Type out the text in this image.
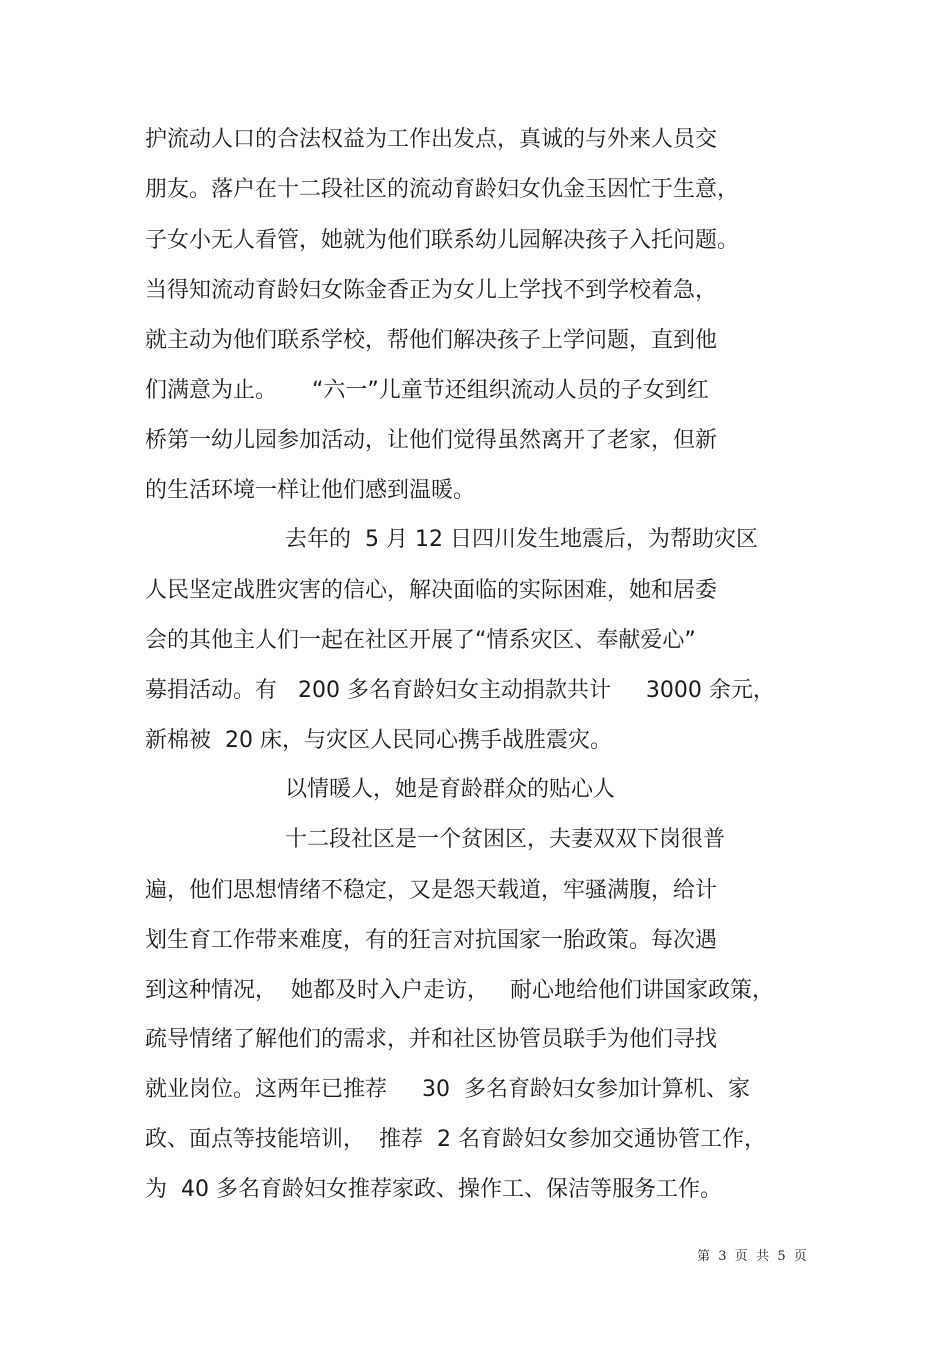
护流动人口的合法权益为工作出发点，真诚的与外来人员交
朋友。落户在十二段社区的流动育龄妇女仇金玉因忙于生意，
子女小无人看管，她就为他们联系幼儿园解决孩子入托问题。
当得知流动育龄妇女陈金香正为女儿上学找不到学校着急，
就主动为他们联系学校，帮他们解决孩子上学问题，直到他
们满意为止。     “六一”儿童节还组织流动人员的子女到红
桥第一幼儿园参加活动，让他们觉得虽然离开了老家，但新
的生活环境一样让他们感到温暖。
去年的  5 月 12 日四川发生地震后，为帮助灾区
人民坚定战胜灾害的信心，解决面临的实际困难，她和居委
会的其他主人们一起在社区开展了“情系灾区、奉献爱心”
募捐活动。有   200 多名育龄妇女主动捐款共计     3000 余元，
新棉被  20 床，与灾区人民同心携手战胜震灾。
以情暖人，她是育龄群众的贴心人
十二段社区是一个贫困区，夫妻双双下岗很普
遍，他们思想情绪不稳定，又是怨天载道，牢骚满腹，给计
划生育工作带来难度，有的狂言对抗国家一胎政策。每次遇
到这种情况，  她都及时入户走访，   耐心地给他们讲国家政策，
疏导情绪了解他们的需求，并和社区协管员联手为他们寻找
就业岗位。这两年已推荐     30  多名育龄妇女参加计算机、家
政、面点等技能培训，  推荐  2 名育龄妇女参加交通协管工作，
为  40 多名育龄妇女推荐家政、操作工、保洁等服务工作。
第  3  页  共  5  页
